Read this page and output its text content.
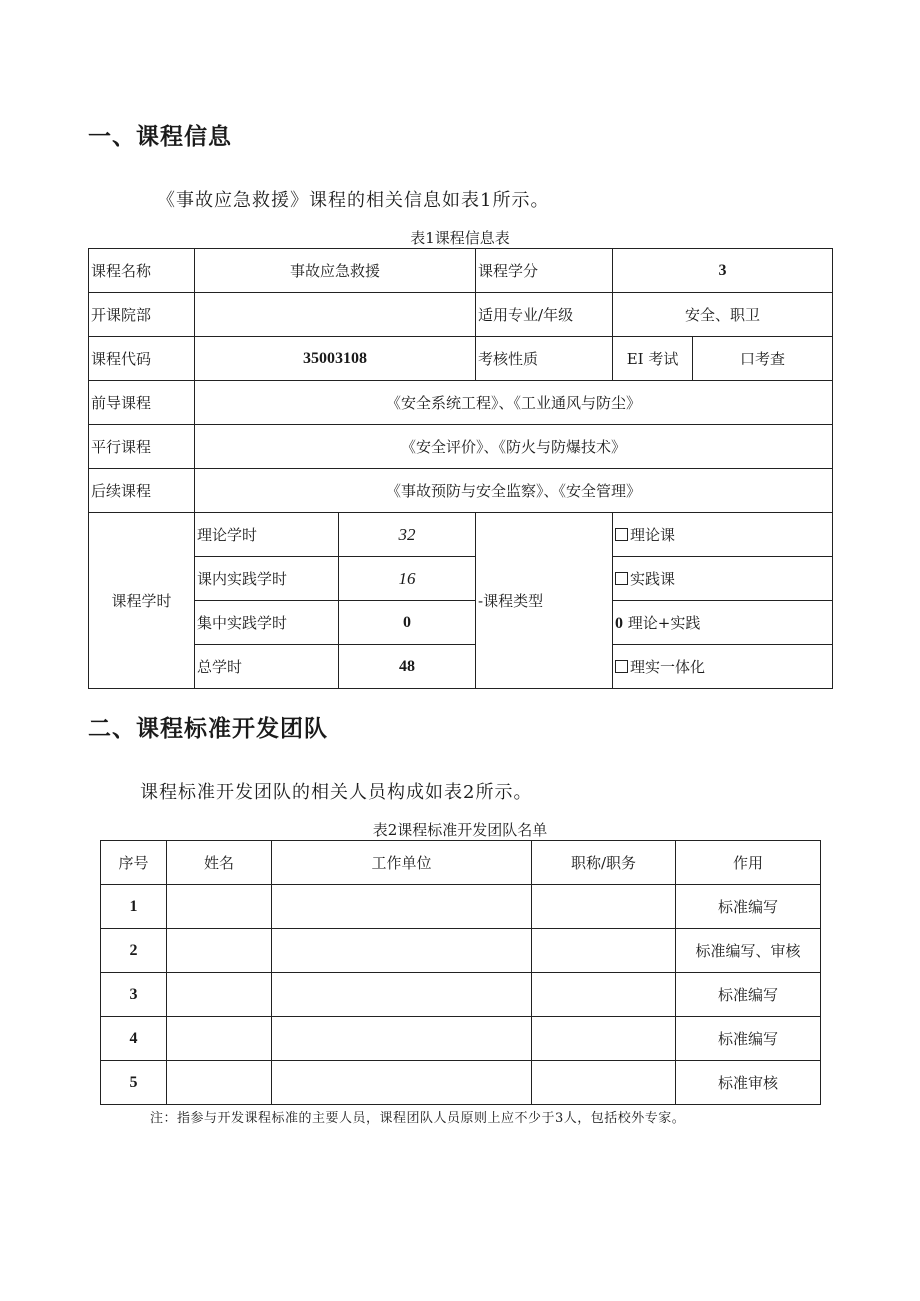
一、课程信息

《事故应急救援》课程的相关信息如表1所示。

表1课程信息表

课程名称	事故应急救援		课程学分	3	
开课院部			适用专业/年级	安全、职卫	
课程代码	35003108		考核性质	EI 考试	口考查
前导课程	《安全系统工程》、《工业通风与防尘》				
平行课程	《安全评价》、《防火与防爆技术》				
后续课程	《事故预防与安全监察》、《安全管理》				
课程学时	理论学时	32	-课程类型	理论课	
	课内实践学时	16		实践课	
	集中实践学时	0		0 理论+实践	
	总学时	48		理实一体化	
二、课程标准开发团队

课程标准开发团队的相关人员构成如表2所示。

表2课程标准开发团队名单

序号	姓名	工作单位	职称/职务	作用
1				标准编写
2				标准编写、审核
3				标准编写
4				标准编写
5				标准审核

注：指参与开发课程标准的主要人员，课程团队人员原则上应不少于3人，包括校外专家。
